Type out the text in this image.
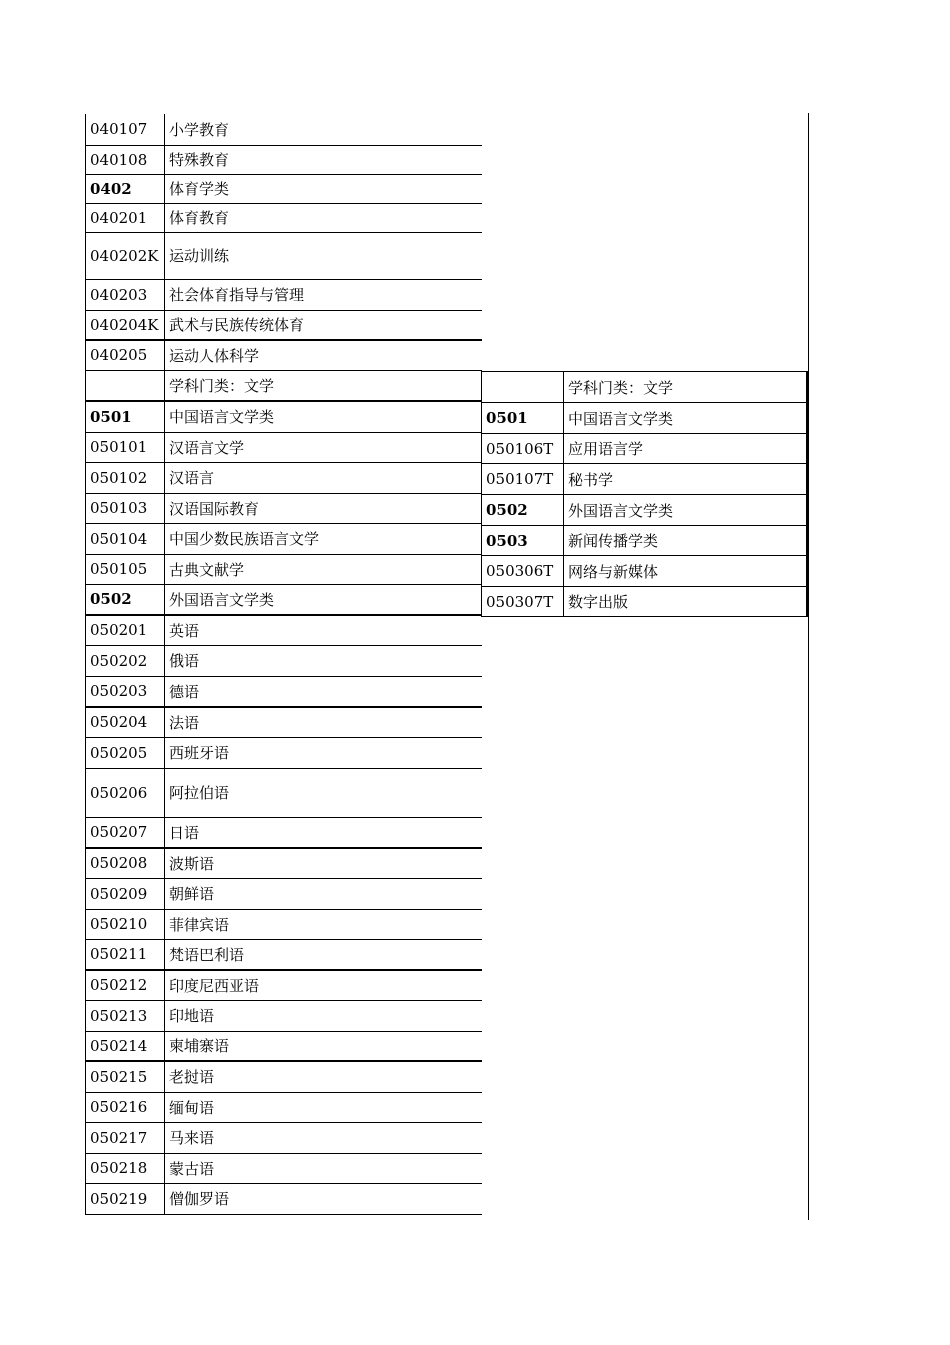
040107	小学教育
040108	特殊教育
0402	体育学类
040201	体育教育
040202K	运动训练
040203	社会体育指导与管理
040204K	武术与民族传统体育
040205	运动人体科学
	学科门类：文学
0501	中国语言文学类
050101	汉语言文学
050102	汉语言
050103	汉语国际教育
050104	中国少数民族语言文学
050105	古典文献学
0502	外国语言文学类
050201	英语
050202	俄语
050203	德语
050204	法语
050205	西班牙语
050206	阿拉伯语
050207	日语
050208	波斯语
050209	朝鲜语
050210	菲律宾语
050211	梵语巴利语
050212	印度尼西亚语
050213	印地语
050214	柬埔寨语
050215	老挝语
050216	缅甸语
050217	马来语
050218	蒙古语
050219	僧伽罗语
	学科门类：文学
0501	中国语言文学类
050106T	应用语言学
050107T	秘书学
0502	外国语言文学类
0503	新闻传播学类
050306T	网络与新媒体
050307T	数字出版
